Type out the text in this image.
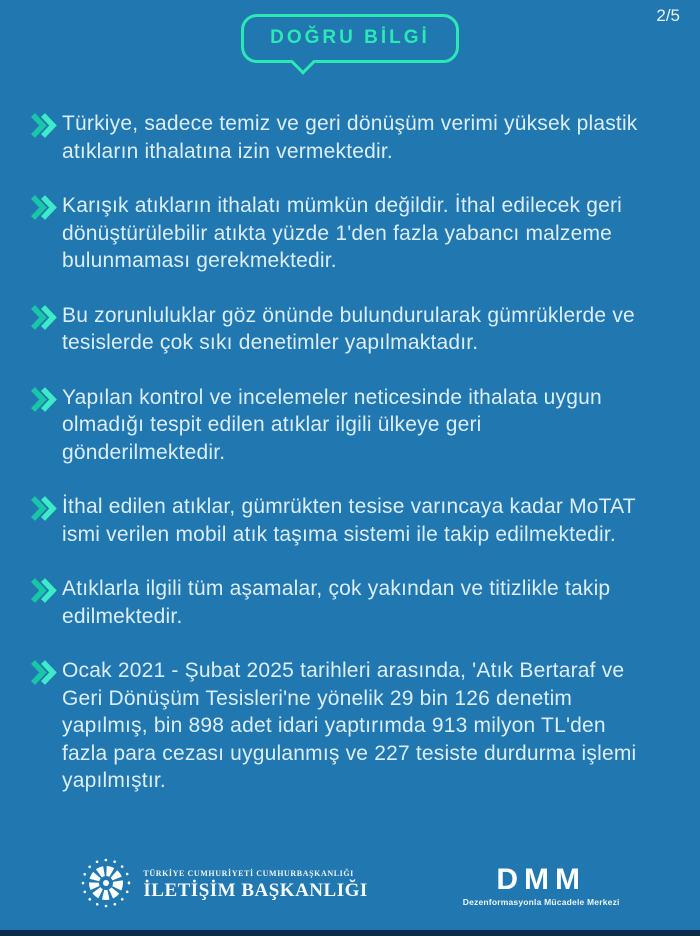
DOĞRU BİLGİ
2/5

Türkiye, sadece temiz ve geri dönüşüm verimi yüksek plastik atıkların ithalatına izin vermektedir.

Karışık atıkların ithalatı mümkün değildir. İthal edilecek geri dönüştürülebilir atıkta yüzde 1'den fazla yabancı malzeme bulunmaması gerekmektedir.

Bu zorunluluklar göz önünde bulundurularak gümrüklerde ve tesislerde çok sıkı denetimler yapılmaktadır.

Yapılan kontrol ve incelemeler neticesinde ithalata uygun olmadığı tespit edilen atıklar ilgili ülkeye geri gönderilmektedir.

İthal edilen atıklar, gümrükten tesise varıncaya kadar MoTAT ismi verilen mobil atık taşıma sistemi ile takip edilmektedir.

Atıklarla ilgili tüm aşamalar, çok yakından ve titizlikle takip edilmektedir.

Ocak 2021 - Şubat 2025 tarihleri arasında, 'Atık Bertaraf ve Geri Dönüşüm Tesisleri'ne yönelik 29 bin 126 denetim yapılmış, bin 898 adet idari yaptırımda 913 milyon TL'den fazla para cezası uygulanmış ve 227 tesiste durdurma işlemi yapılmıştır.

TÜRKİYE CUMHURİYETİ CUMHURBAŞKANLIĞI
İLETİŞİM BAŞKANLIĞI	DMM
Dezenformasyonla Mücadele Merkezi
